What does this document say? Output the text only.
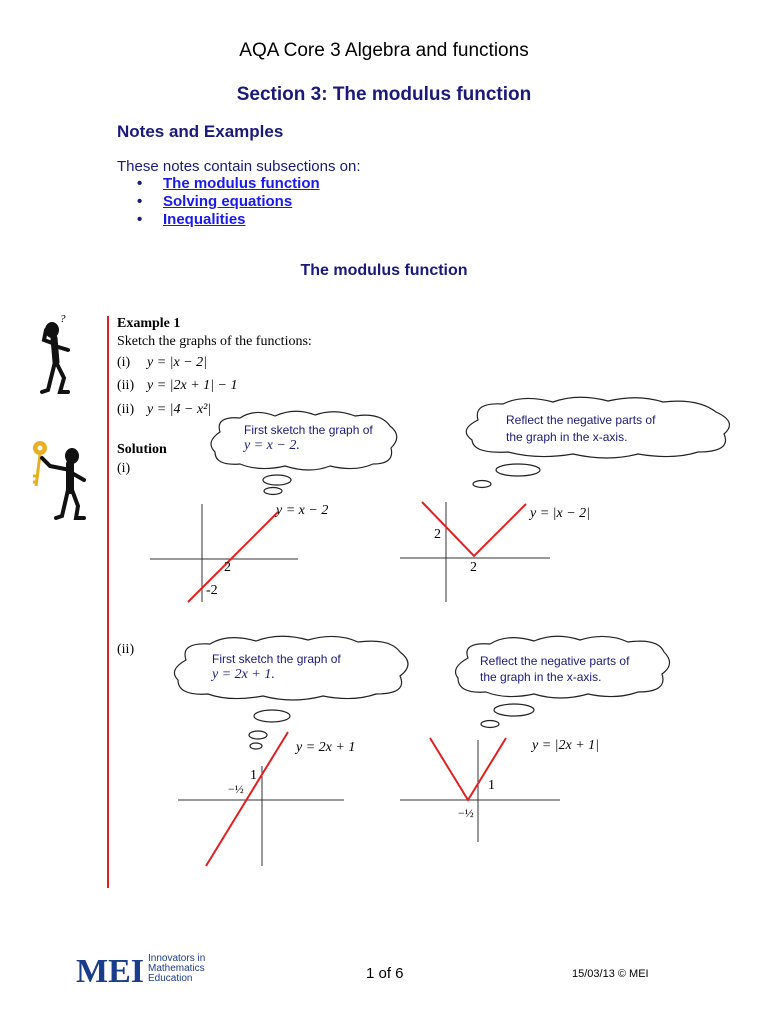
AQA Core 3 Algebra and functions
Section 3: The modulus function
Notes and Examples
These notes contain subsections on:
• The modulus function
• Solving equations
• Inequalities
The modulus function
?	Example 1
Sketch the graphs of the functions:
(i) y = |x − 2|
(ii) y = |2x + 1| − 1
(ii) y = |4 − x²|
Solution
(i)
(ii)
First sketch the graph of
y = x − 2.
Reflect the negative parts of
the graph in the x-axis.
First sketch the graph of
y = 2x + 1.
Reflect the negative parts of
the graph in the x-axis.
y = x − 2
2
-2
y = |x − 2|
2
2
y = 2x + 1
1
−½
y = |2x + 1|
1
−½
MEI Innovators in
Mathematics
Education	1 of 6	15/03/13 © MEI
